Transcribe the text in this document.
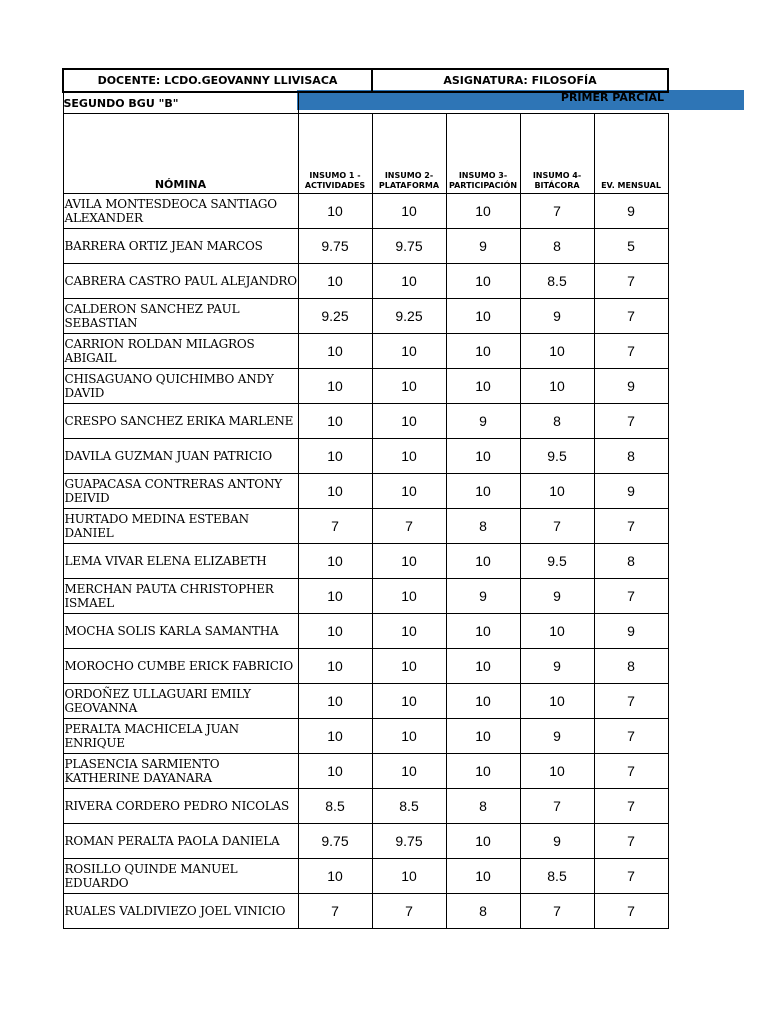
PRIMER PARCIAL
DOCENTE: LCDO.GEOVANNY LLIVISACA		ASIGNATURA: FILOSOFÍA			
SEGUNDO BGU "B"					
NÓMINA	INSUMO 1 - ACTIVIDADES	INSUMO 2- PLATAFORMA	INSUMO 3- PARTICIPACIÓN	INSUMO 4- BITÁCORA	EV. MENSUAL
AVILA MONTESDEOCA SANTIAGO ALEXANDER	10	10	10	7	9
BARRERA ORTIZ JEAN MARCOS	9.75	9.75	9	8	5
CABRERA CASTRO PAUL ALEJANDRO	10	10	10	8.5	7
CALDERON SANCHEZ PAUL SEBASTIAN	9.25	9.25	10	9	7
CARRION ROLDAN MILAGROS ABIGAIL	10	10	10	10	7
CHISAGUANO QUICHIMBO ANDY DAVID	10	10	10	10	9
CRESPO SANCHEZ ERIKA MARLENE	10	10	9	8	7
DAVILA GUZMAN JUAN PATRICIO	10	10	10	9.5	8
GUAPACASA CONTRERAS ANTONY DEIVID	10	10	10	10	9
HURTADO MEDINA ESTEBAN DANIEL	7	7	8	7	7
LEMA VIVAR ELENA ELIZABETH	10	10	10	9.5	8
MERCHAN PAUTA CHRISTOPHER ISMAEL	10	10	9	9	7
MOCHA SOLIS KARLA SAMANTHA	10	10	10	10	9
MOROCHO CUMBE ERICK FABRICIO	10	10	10	9	8
ORDOÑEZ ULLAGUARI EMILY GEOVANNA	10	10	10	10	7
PERALTA MACHICELA JUAN ENRIQUE	10	10	10	9	7
PLASENCIA SARMIENTO KATHERINE DAYANARA	10	10	10	10	7
RIVERA CORDERO PEDRO NICOLAS	8.5	8.5	8	7	7
ROMAN PERALTA PAOLA DANIELA	9.75	9.75	10	9	7
ROSILLO QUINDE MANUEL EDUARDO	10	10	10	8.5	7
RUALES VALDIVIEZO JOEL VINICIO	7	7	8	7	7
